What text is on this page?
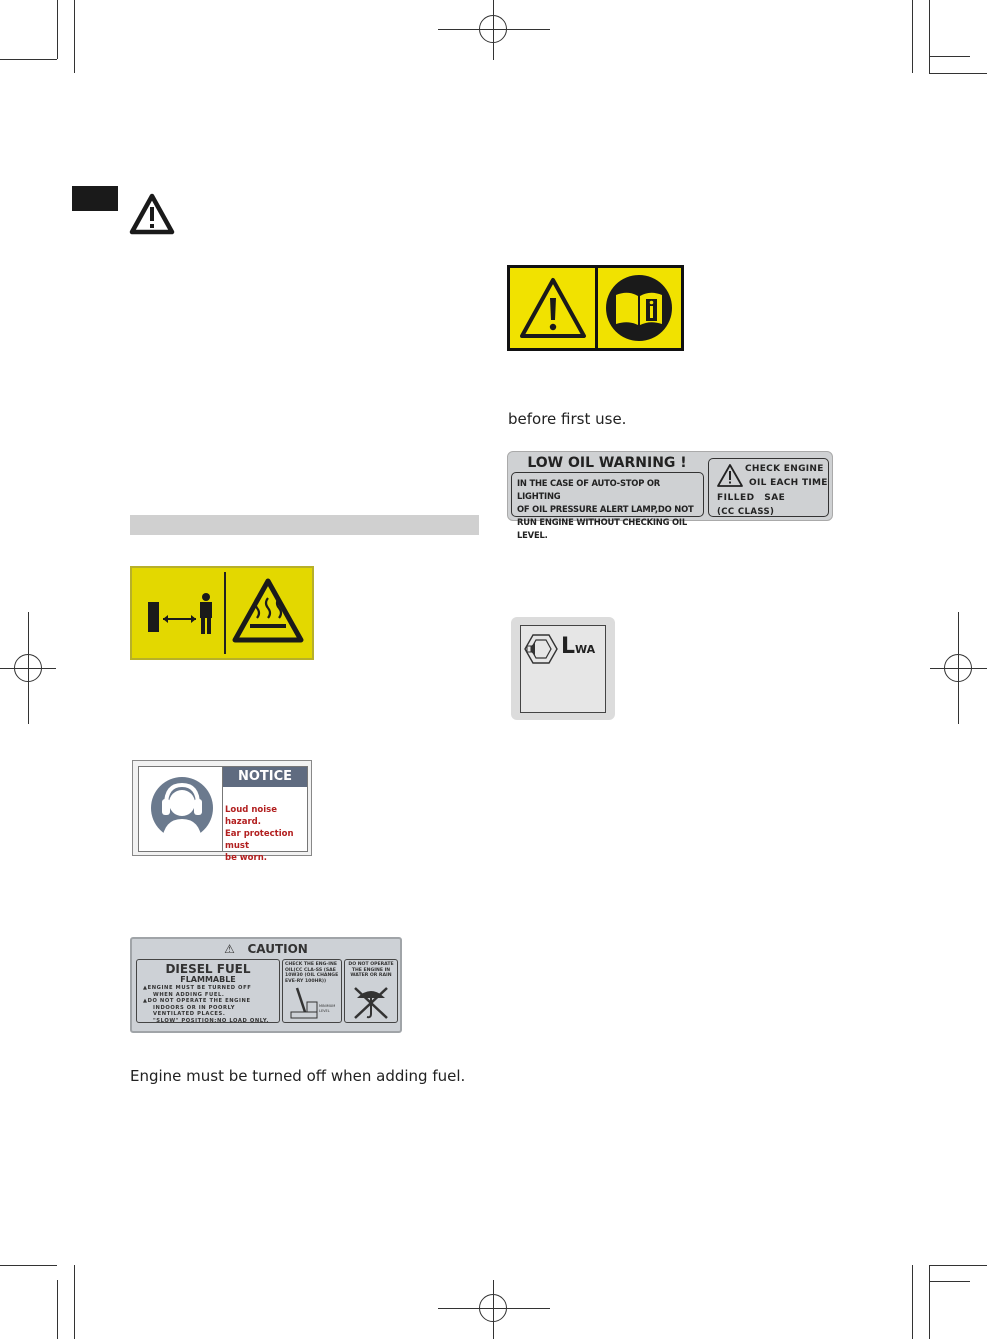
NOTICE
Loud noise hazard.
Ear protection must
be worn.
⚠ CAUTION
DIESEL FUEL
FLAMMABLE
▲ENGINE MUST BE TURNED OFF
WHEN ADDING FUEL.
▲DO NOT OPERATE THE ENGINE
INDOORS OR IN POORLY
VENTILATED PLACES.
"SLOW" POSITION:NO LOAD ONLY.
CHECK THE ENG-INE OIL(CC CLA-SS (SAE 10W30 (OIL CHANGE EVE-RY 100HR))
MINIMUM LEVEL
DO NOT OPERATE THE ENGINE IN WATER OR RAIN
Engine must be turned off when adding fuel.
before first use.
LOW OIL WARNING !
IN THE CASE OF AUTO-STOP OR LIGHTING
OF OIL PRESSURE ALERT LAMP,DO NOT
RUN ENGINE WITHOUT CHECKING OIL LEVEL.
CHECK ENGINE
OIL EACH TIME
FILLED SAE
(CC CLASS)
LWA
